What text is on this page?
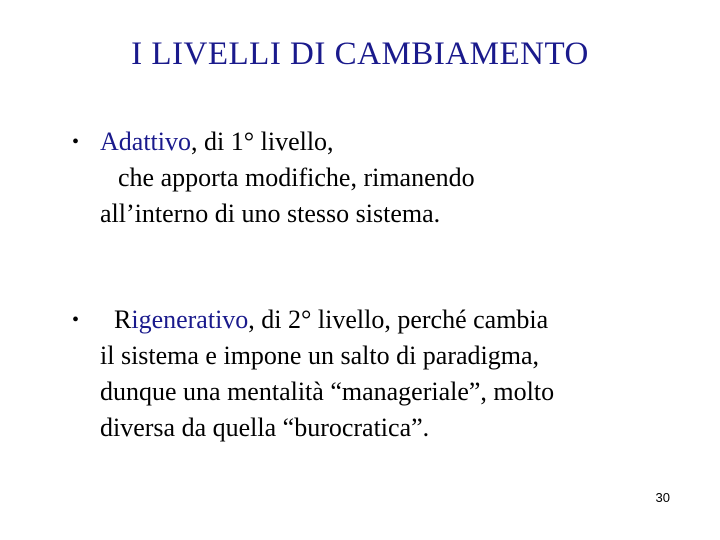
I LIVELLI DI CAMBIAMENTO
• Adattivo, di 1° livello,
che apporta modifiche, rimanendo
all’interno di uno stesso sistema.
•	Rigenerativo, di 2° livello, perché cambia
il sistema e impone un salto di paradigma,
dunque una mentalità “manageriale”, molto
diversa da quella “burocratica”.
30
